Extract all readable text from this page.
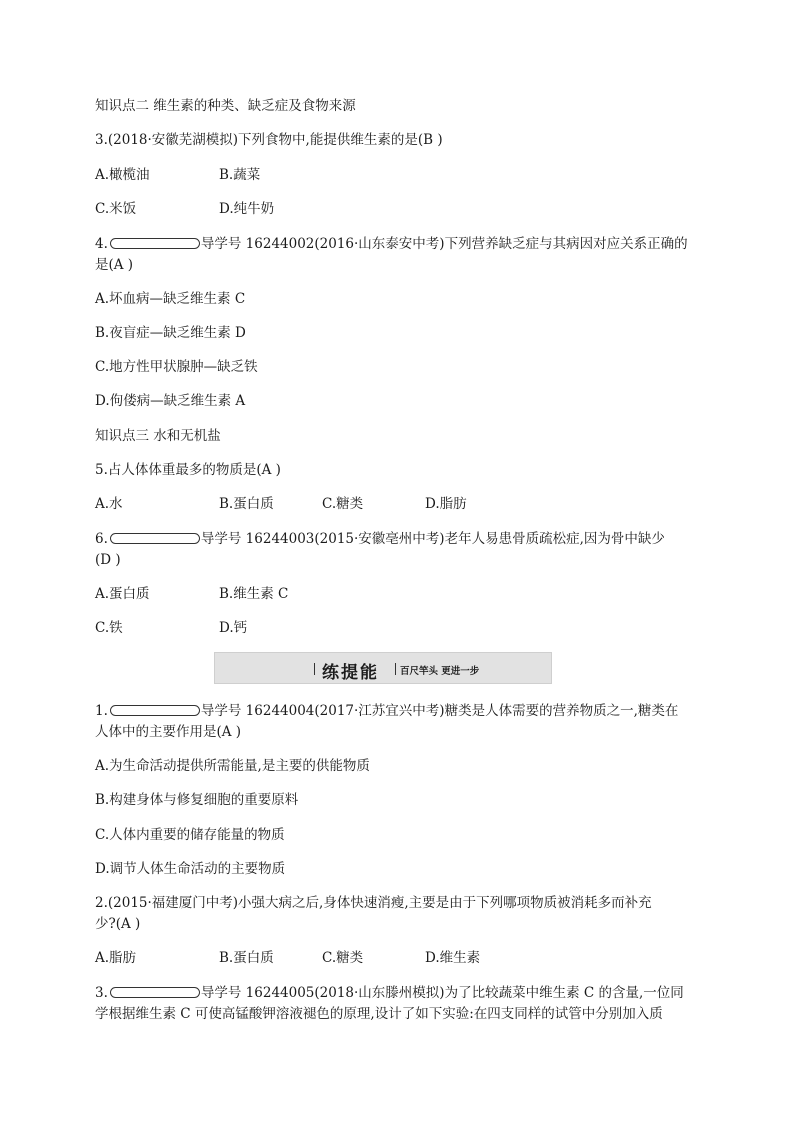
知识点二 维生素的种类、缺乏症及食物来源
3.(2018·安徽芜湖模拟)下列食物中,能提供维生素的是(B )
A.橄榄油	B.蔬菜
C.米饭	D.纯牛奶
4.	导学号 16244002(2016·山东泰安中考)下列营养缺乏症与其病因对应关系正确的
是(A )
A.坏血病—缺乏维生素 C
B.夜盲症—缺乏维生素 D
C.地方性甲状腺肿—缺乏铁
D.佝偻病—缺乏维生素 A
知识点三 水和无机盐
5.占人体体重最多的物质是(A )
A.水	B.蛋白质	C.糖类	D.脂肪
6.	导学号 16244003(2015·安徽亳州中考)老年人易患骨质疏松症,因为骨中缺少
(D )
A.蛋白质	B.维生素 C
C.铁	D.钙
练提能 百尺竿头 更进一步
1.	导学号 16244004(2017·江苏宜兴中考)糖类是人体需要的营养物质之一,糖类在
人体中的主要作用是(A )
A.为生命活动提供所需能量,是主要的供能物质
B.构建身体与修复细胞的重要原料
C.人体内重要的储存能量的物质
D.调节人体生命活动的主要物质
2.(2015·福建厦门中考)小强大病之后,身体快速消瘦,主要是由于下列哪项物质被消耗多而补充
少?(A )
A.脂肪	B.蛋白质	C.糖类	D.维生素
3.	导学号 16244005(2018·山东滕州模拟)为了比较蔬菜中维生素 C 的含量,一位同
学根据维生素 C 可使高锰酸钾溶液褪色的原理,设计了如下实验:在四支同样的试管中分别加入质
